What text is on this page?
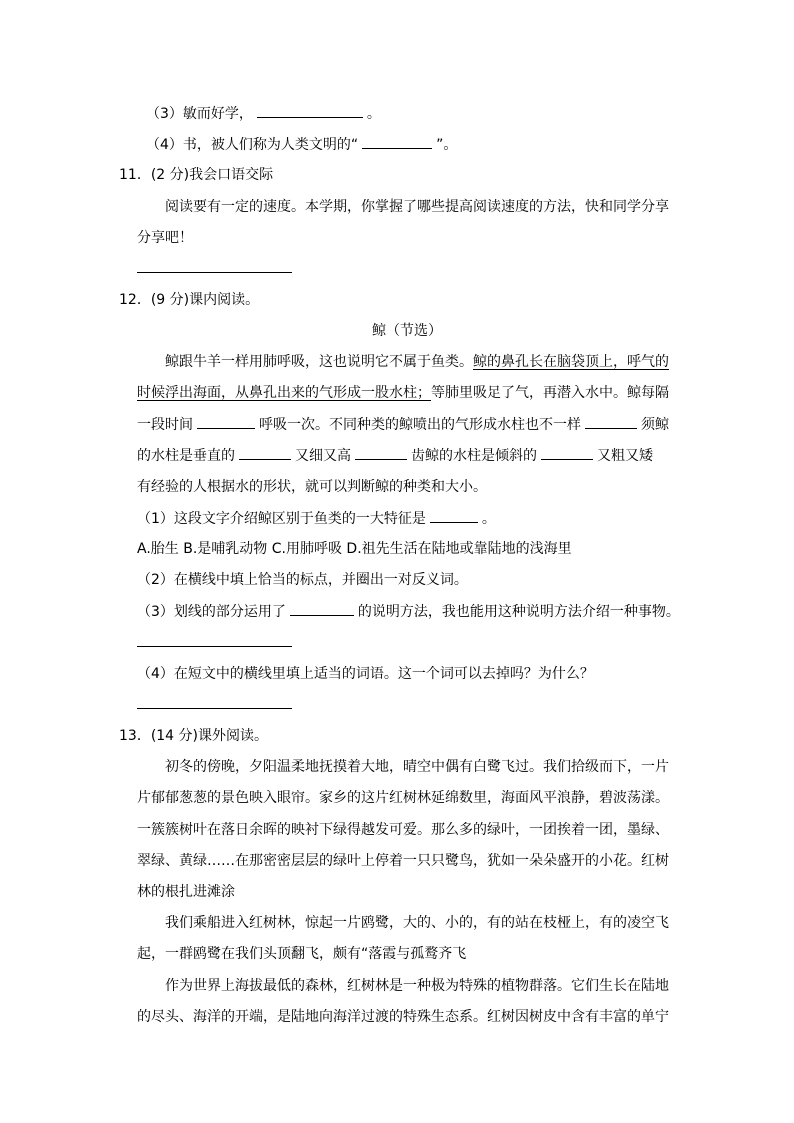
（3）敏而好学，	。
（4）书，被人们称为人类文明的“	”。
11．(2 分)我会口语交际
阅读要有一定的速度。本学期，你掌握了哪些提高阅读速度的方法，快和同学分享
分享吧！
12．(9 分)课内阅读。
鲸（节选）
鲸跟牛羊一样用肺呼吸，这也说明它不属于鱼类。鲸的鼻孔长在脑袋顶上，呼气的
时候浮出海面，从鼻孔出来的气形成一股水柱；等肺里吸足了气，再潜入水中。鲸每隔
一段时间	呼吸一次。不同种类的鲸喷出的气形成水柱也不一样	须鲸
的水柱是垂直的	又细又高	齿鲸的水柱是倾斜的	又粗又矮
有经验的人根据水的形状，就可以判断鲸的种类和大小。
（1）这段文字介绍鲸区别于鱼类的一大特征是	。
A.胎生 B.是哺乳动物 C.用肺呼吸 D.祖先生活在陆地或靠陆地的浅海里
（2）在横线中填上恰当的标点，并圈出一对反义词。
（3）划线的部分运用了	的说明方法，我也能用这种说明方法介绍一种事物。
（4）在短文中的横线里填上适当的词语。这一个词可以去掉吗？为什么？
13．(14 分)课外阅读。
初冬的傍晚，夕阳温柔地抚摸着大地，晴空中偶有白鹭飞过。我们拾级而下，一片
片郁郁葱葱的景色映入眼帘。家乡的这片红树林延绵数里，海面风平浪静，碧波荡漾。
一簇簇树叶在落日余晖的映衬下绿得越发可爱。那么多的绿叶，一团挨着一团，墨绿、
翠绿、黄绿……在那密密层层的绿叶上停着一只只鹭鸟，犹如一朵朵盛开的小花。红树
林的根扎进滩涂
我们乘船进入红树林，惊起一片鸥鹭，大的、小的，有的站在枝桠上，有的凌空飞
起，一群鸥鹭在我们头顶翻飞，颇有“落霞与孤鹜齐飞
作为世界上海拔最低的森林，红树林是一种极为特殊的植物群落。它们生长在陆地
的尽头、海洋的开端，是陆地向海洋过渡的特殊生态系。红树因树皮中含有丰富的单宁
